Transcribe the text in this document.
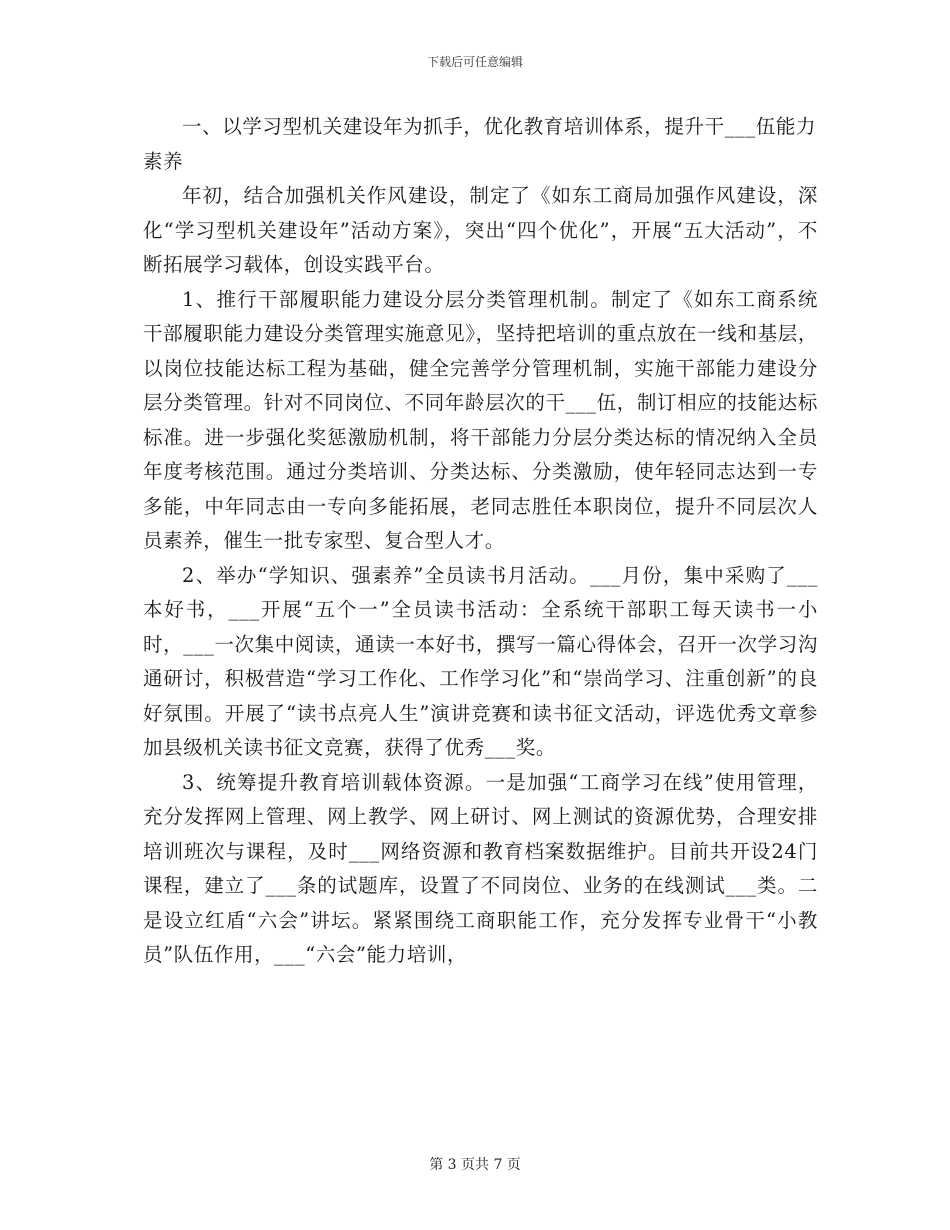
下载后可任意编辑

一、以学习型机关建设年为抓手，优化教育培训体系，提升干___伍能力素养

年初，结合加强机关作风建设，制定了《如东工商局加强作风建设，深化“学习型机关建设年”活动方案》，突出“四个优化”，开展“五大活动”，不断拓展学习载体，创设实践平台。

1、推行干部履职能力建设分层分类管理机制。制定了《如东工商系统干部履职能力建设分类管理实施意见》，坚持把培训的重点放在一线和基层，以岗位技能达标工程为基础，健全完善学分管理机制，实施干部能力建设分层分类管理。针对不同岗位、不同年龄层次的干___伍，制订相应的技能达标标准。进一步强化奖惩激励机制，将干部能力分层分类达标的情况纳入全员年度考核范围。通过分类培训、分类达标、分类激励，使年轻同志达到一专多能，中年同志由一专向多能拓展，老同志胜任本职岗位，提升不同层次人员素养，催生一批专家型、复合型人才。

2、举办“学知识、强素养”全员读书月活动。___月份，集中采购了___本好书，___开展“五个一”全员读书活动：全系统干部职工每天读书一小时，___一次集中阅读，通读一本好书，撰写一篇心得体会，召开一次学习沟通研讨，积极营造“学习工作化、工作学习化”和“崇尚学习、注重创新”的良好氛围。开展了“读书点亮人生”演讲竞赛和读书征文活动，评选优秀文章参加县级机关读书征文竞赛，获得了优秀___奖。

3、统筹提升教育培训载体资源。一是加强“工商学习在线”使用管理，充分发挥网上管理、网上教学、网上研讨、网上测试的资源优势，合理安排培训班次与课程，及时___网络资源和教育档案数据维护。目前共开设24门课程，建立了___条的试题库，设置了不同岗位、业务的在线测试___类。二是设立红盾“六会”讲坛。紧紧围绕工商职能工作，充分发挥专业骨干“小教员”队伍作用，___“六会”能力培训，

第 3 页共 7 页
